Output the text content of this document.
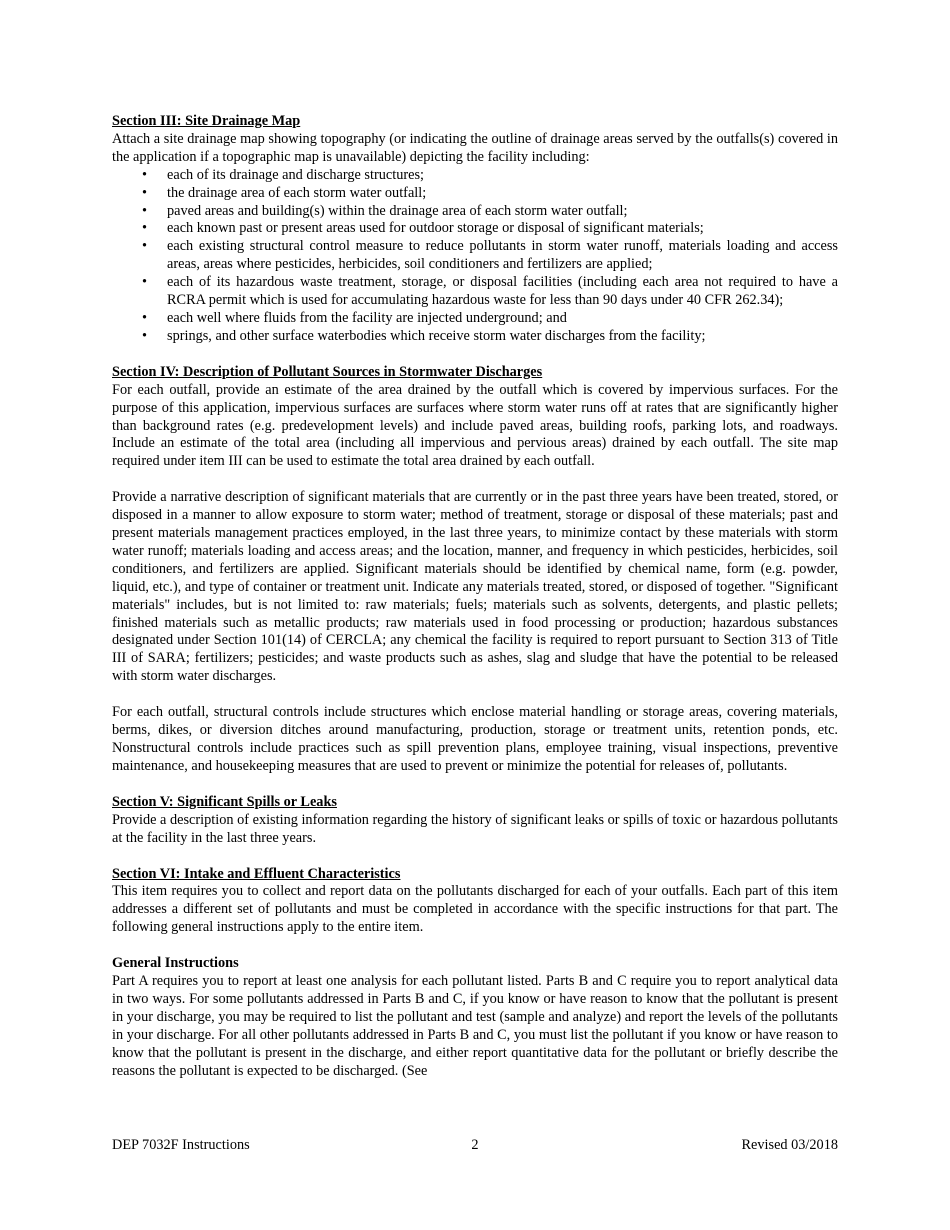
Section III: Site Drainage Map

Attach a site drainage map showing topography (or indicating the outline of drainage areas served by the outfalls(s) covered in the application if a topographic map is unavailable) depicting the facility including:

• each of its drainage and discharge structures;
• the drainage area of each storm water outfall;
• paved areas and building(s) within the drainage area of each storm water outfall;
• each known past or present areas used for outdoor storage or disposal of significant materials;
• each existing structural control measure to reduce pollutants in storm water runoff, materials loading and access areas, areas where pesticides, herbicides, soil conditioners and fertilizers are applied;
• each of its hazardous waste treatment, storage, or disposal facilities (including each area not required to have a RCRA permit which is used for accumulating hazardous waste for less than 90 days under 40 CFR 262.34);
• each well where fluids from the facility are injected underground; and
• springs, and other surface waterbodies which receive storm water discharges from the facility;
Section IV: Description of Pollutant Sources in Stormwater Discharges

For each outfall, provide an estimate of the area drained by the outfall which is covered by impervious surfaces. For the purpose of this application, impervious surfaces are surfaces where storm water runs off at rates that are significantly higher than background rates (e.g. predevelopment levels) and include paved areas, building roofs, parking lots, and roadways. Include an estimate of the total area (including all impervious and pervious areas) drained by each outfall. The site map required under item III can be used to estimate the total area drained by each outfall.

Provide a narrative description of significant materials that are currently or in the past three years have been treated, stored, or disposed in a manner to allow exposure to storm water; method of treatment, storage or disposal of these materials; past and present materials management practices employed, in the last three years, to minimize contact by these materials with storm water runoff; materials loading and access areas; and the location, manner, and frequency in which pesticides, herbicides, soil conditioners, and fertilizers are applied. Significant materials should be identified by chemical name, form (e.g. powder, liquid, etc.), and type of container or treatment unit. Indicate any materials treated, stored, or disposed of together. "Significant materials" includes, but is not limited to: raw materials; fuels; materials such as solvents, detergents, and plastic pellets; finished materials such as metallic products; raw materials used in food processing or production; hazardous substances designated under Section 101(14) of CERCLA; any chemical the facility is required to report pursuant to Section 313 of Title III of SARA; fertilizers; pesticides; and waste products such as ashes, slag and sludge that have the potential to be released with storm water discharges.

For each outfall, structural controls include structures which enclose material handling or storage areas, covering materials, berms, dikes, or diversion ditches around manufacturing, production, storage or treatment units, retention ponds, etc. Nonstructural controls include practices such as spill prevention plans, employee training, visual inspections, preventive maintenance, and housekeeping measures that are used to prevent or minimize the potential for releases of, pollutants.

Section V: Significant Spills or Leaks

Provide a description of existing information regarding the history of significant leaks or spills of toxic or hazardous pollutants at the facility in the last three years.

Section VI: Intake and Effluent Characteristics

This item requires you to collect and report data on the pollutants discharged for each of your outfalls. Each part of this item addresses a different set of pollutants and must be completed in accordance with the specific instructions for that part. The following general instructions apply to the entire item.

General Instructions

Part A requires you to report at least one analysis for each pollutant listed. Parts B and C require you to report analytical data in two ways. For some pollutants addressed in Parts B and C, if you know or have reason to know that the pollutant is present in your discharge, you may be required to list the pollutant and test (sample and analyze) and report the levels of the pollutants in your discharge. For all other pollutants addressed in Parts B and C, you must list the pollutant if you know or have reason to know that the pollutant is present in the discharge, and either report quantitative data for the pollutant or briefly describe the reasons the pollutant is expected to be discharged. (See

DEP 7032F Instructions	2	Revised 03/2018
